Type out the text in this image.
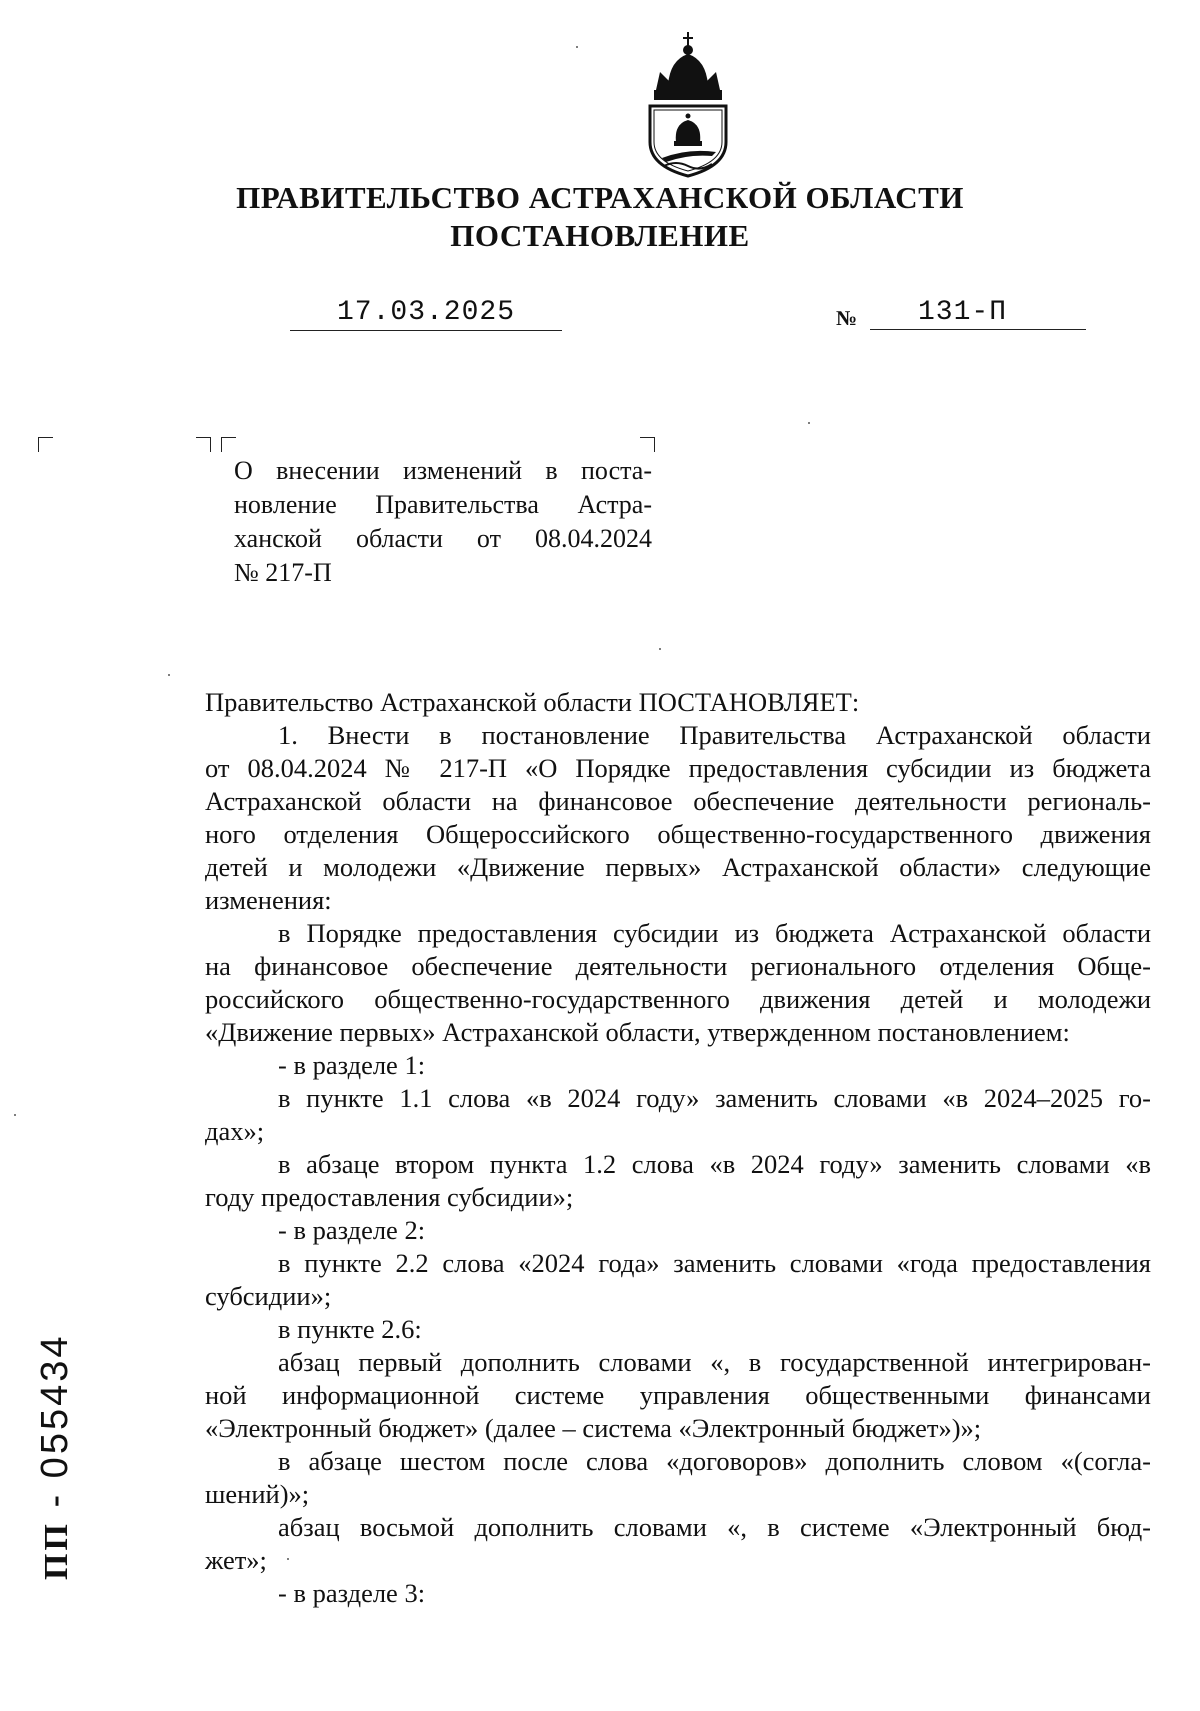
ПРАВИТЕЛЬСТВО АСТРАХАНСКОЙ ОБЛАСТИ
ПОСТАНОВЛЕНИЕ
17.03.2025	№	131-П
О внесении изменений в поста-
новление Правительства Астра-
ханской области от 08.04.2024
№ 217-П
Правительство Астраханской области ПОСТАНОВЛЯЕТ:
1. Внести в постановление Правительства Астраханской области
от 08.04.2024 № 217-П «О Порядке предоставления субсидии из бюджета
Астраханской области на финансовое обеспечение деятельности региональ-
ного отделения Общероссийского общественно-государственного движения
детей и молодежи «Движение первых» Астраханской области» следующие
изменения:
в Порядке предоставления субсидии из бюджета Астраханской области
на финансовое обеспечение деятельности регионального отделения Обще-
российского общественно-государственного движения детей и молодежи
«Движение первых» Астраханской области, утвержденном постановлением:
- в разделе 1:
в пункте 1.1 слова «в 2024 году» заменить словами «в 2024–2025 го-
дах»;
в абзаце втором пункта 1.2 слова «в 2024 году» заменить словами «в
году предоставления субсидии»;
- в разделе 2:
в пункте 2.2 слова «2024 года» заменить словами «года предоставления
субсидии»;
в пункте 2.6:
абзац первый дополнить словами «, в государственной интегрирован-
ной информационной системе управления общественными финансами
«Электронный бюджет» (далее – система «Электронный бюджет»)»;
в абзаце шестом после слова «договоров» дополнить словом «(согла-
шений)»;
абзац восьмой дополнить словами «, в системе «Электронный бюд-
жет»;
- в разделе 3:
ПП - 055434
